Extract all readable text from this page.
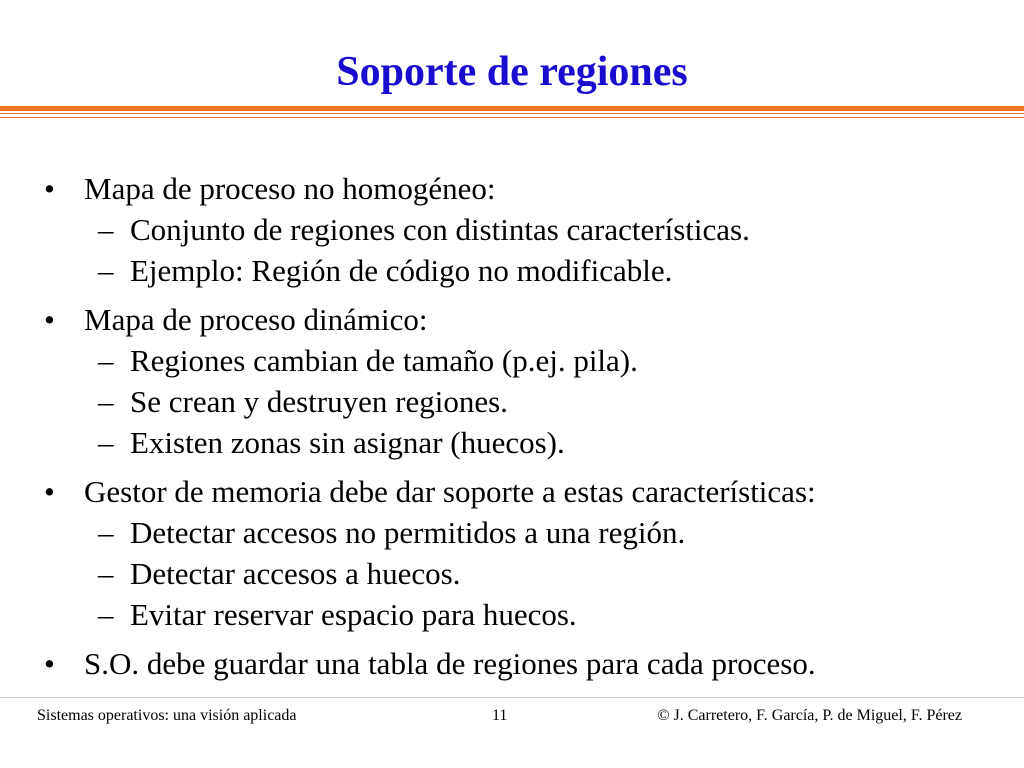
Soporte de regiones
• Mapa de proceso no homogéneo:
– Conjunto de regiones con distintas características.
– Ejemplo: Región de código no modificable.
• Mapa de proceso dinámico:
– Regiones cambian de tamaño (p.ej. pila).
– Se crean y destruyen regiones.
– Existen zonas sin asignar (huecos).
• Gestor de memoria debe dar soporte a estas características:
– Detectar accesos no permitidos a una región.
– Detectar accesos a huecos.
– Evitar reservar espacio para huecos.
• S.O. debe guardar una tabla de regiones para cada proceso.
Sistemas operativos: una visión aplicada	11	© J. Carretero, F. García, P. de Miguel, F. Pérez
